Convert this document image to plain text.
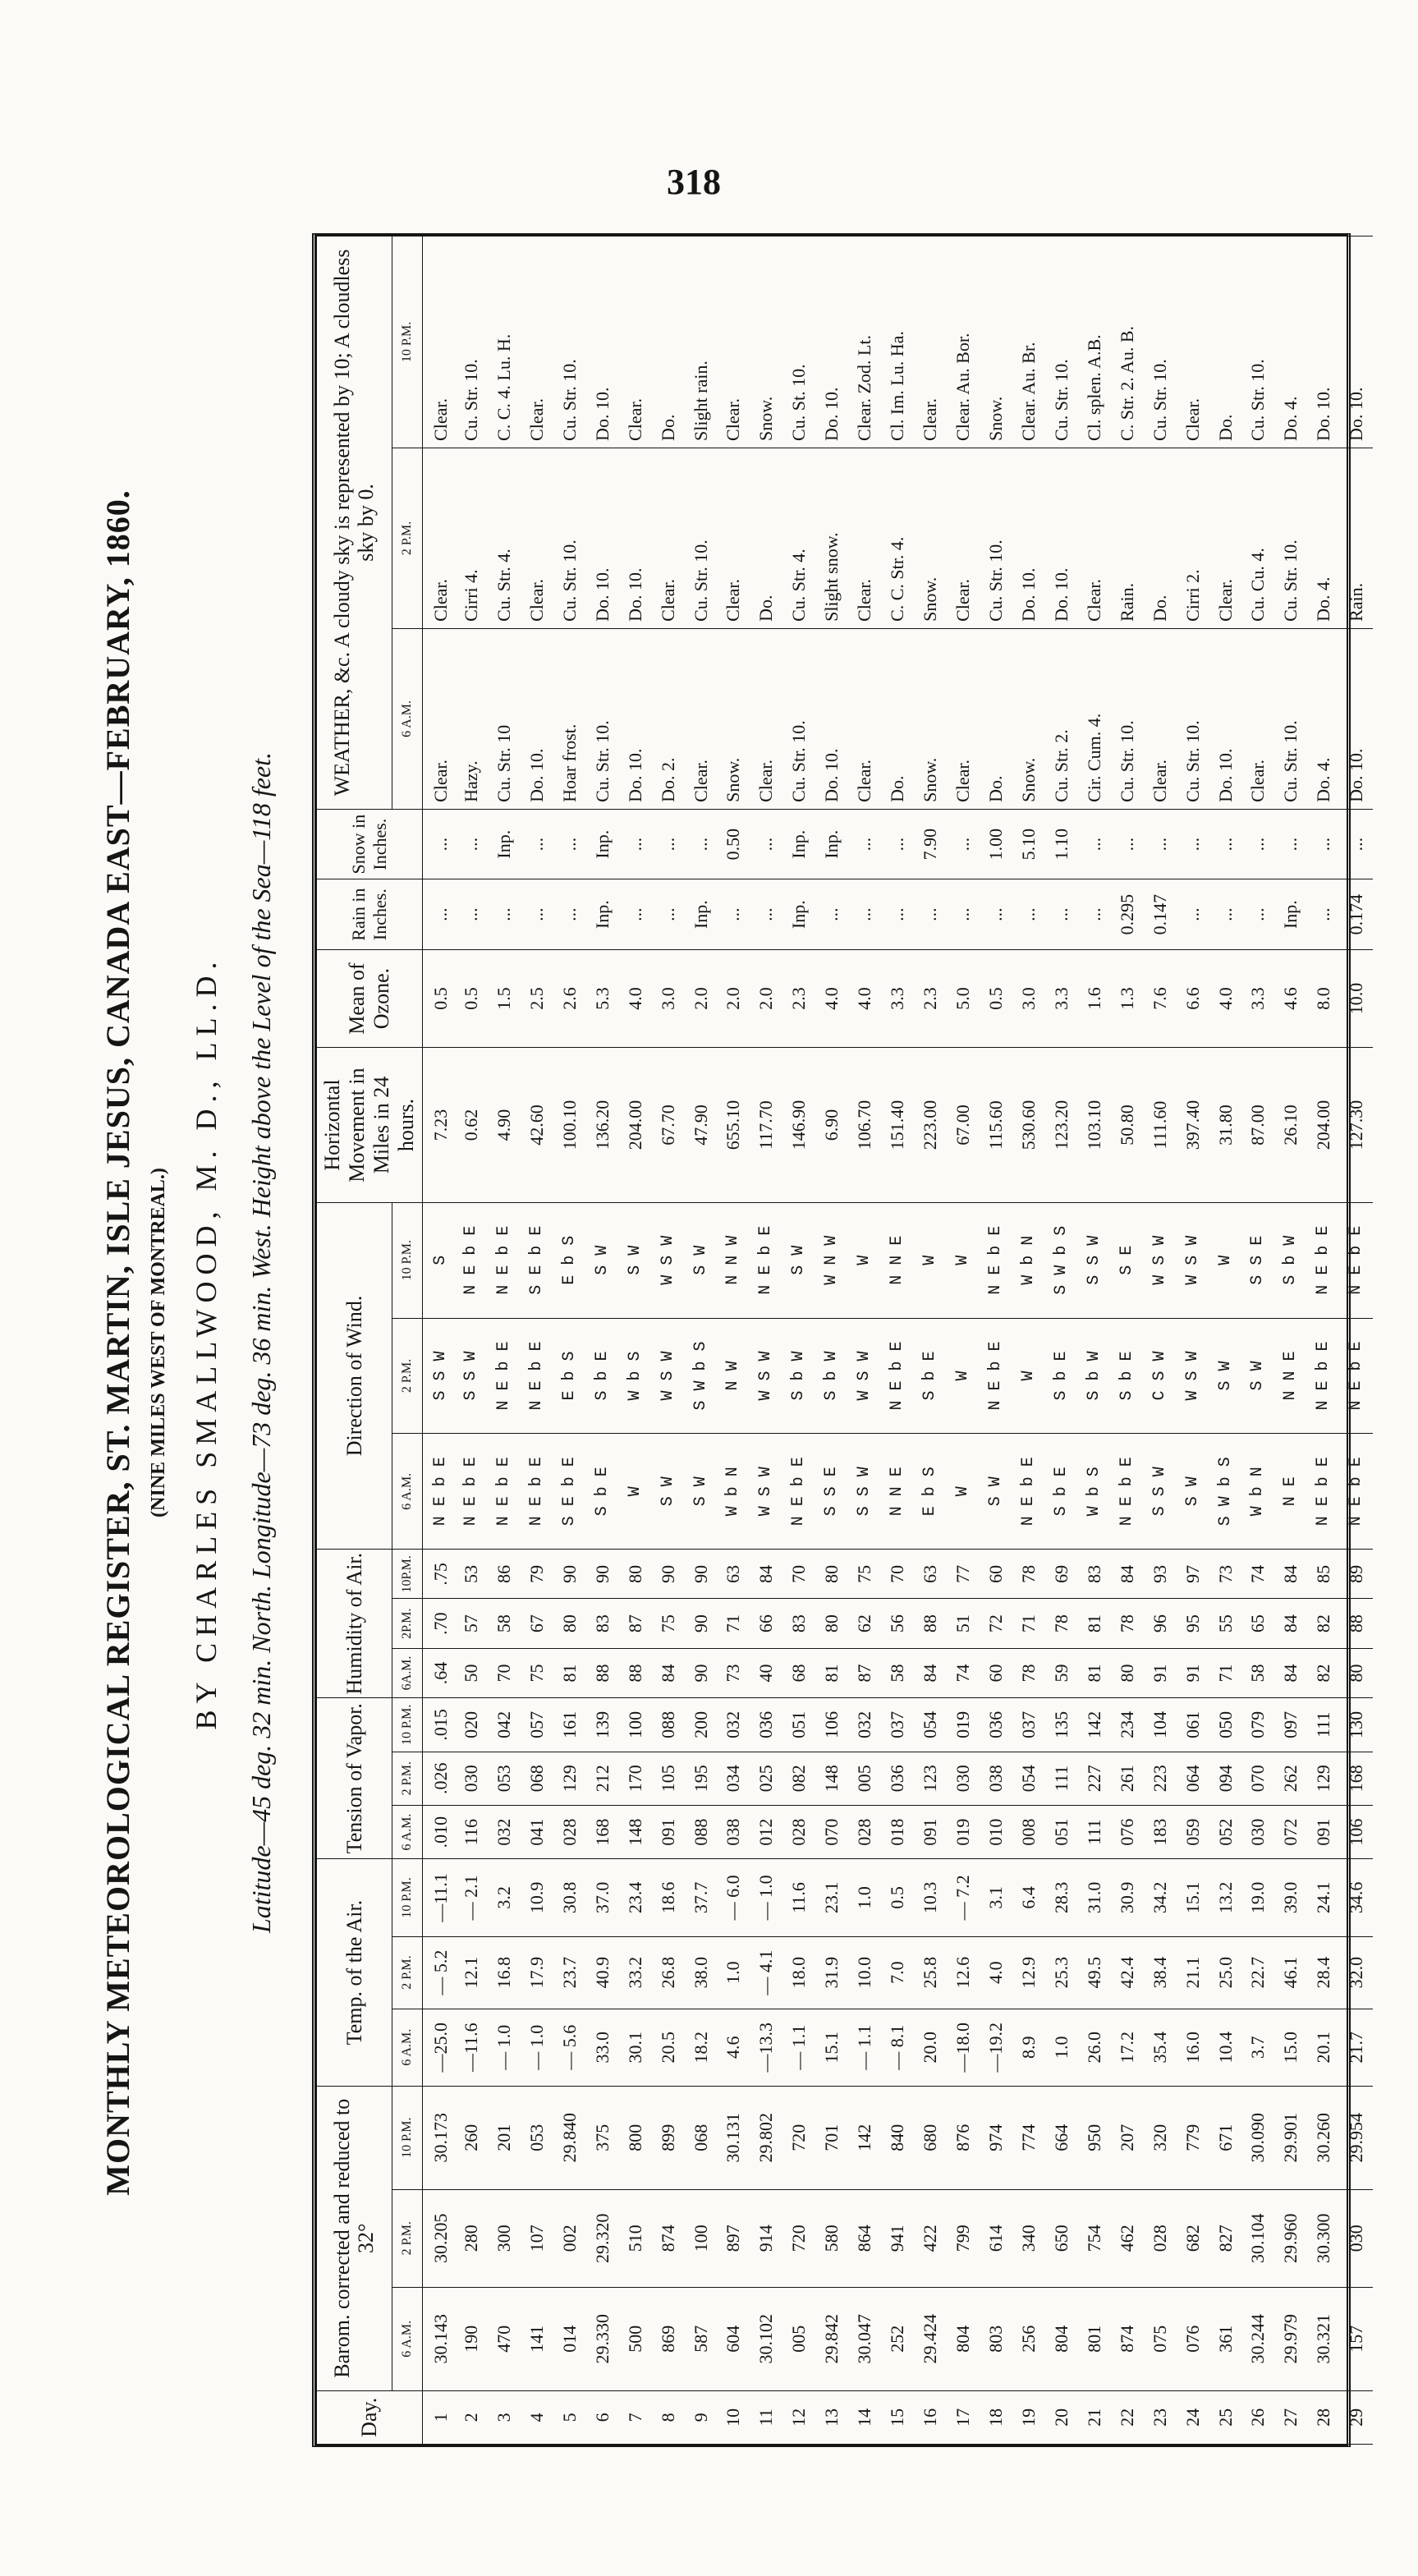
318
MONTHLY METEOROLOGICAL REGISTER, ST. MARTIN, ISLE JESUS, CANADA EAST—FEBRUARY, 1860. (NINE MILES WEST OF MONTREAL.) BY CHARLES SMALLWOOD, M. D., LL.D. Latitude—45 deg. 32 min. North. Longitude—73 deg. 36 min. West. Height above the Level of the Sea—118 feet.
Day.	Barom. corrected and reduced to 32°			Temp. of the Air.			Tension of Vapor.			Humidity of Air.			Direction of Wind.			Horizontal Movement in Miles in 24 hours.	Mean of Ozone.	Rain in Inches.	Snow in Inches.	WEATHER, &c. A cloudy sky is represented by 10; A cloudless sky by 0.		
	6 A.M.	2 P.M.	10 P.M.	6 A.M.	2 P.M.	10 P.M.	6 A.M.	2 P.M.	10 P.M.	6A.M.	2P.M.	10P.M.	6 A.M.	2 P.M.	10 P.M.					6 A.M.	2 P.M.	10 P.M.
1	30.143	30.205	30.173	—25.0	— 5.2	—11.1	.010	.026	.015	.64	.70	.75	N E b E	S S W	S	7.23	0.5	...	...	Clear.	Clear.	Clear.
2	190	280	260	—11.6	12.1	— 2.1	116	030	020	50	57	53	N E b E	S S W	N E b E	0.62	0.5	...	...	Hazy.	Cirri 4.	Cu. Str. 10.
3	470	300	201	— 1.0	16.8	3.2	032	053	042	70	58	86	N E b E	N E b E	N E b E	4.90	1.5	...	Inp.	Cu. Str. 10	Cu. Str. 4.	C. C. 4. Lu. H.
4	141	107	053	— 1.0	17.9	10.9	041	068	057	75	67	79	N E b E	N E b E	S E b E	42.60	2.5	...	...	Do. 10.	Clear.	Clear.
5	014	002	29.840	— 5.6	23.7	30.8	028	129	161	81	80	90	S E b E	E b S	E b S	100.10	2.6	...	...	Hoar frost.	Cu. Str. 10.	Cu. Str. 10.
6	29.330	29.320	375	33.0	40.9	37.0	168	212	139	88	83	90	S b E	S b E	S W	136.20	5.3	Inp.	Inp.	Cu. Str. 10.	Do. 10.	Do. 10.
7	500	510	800	30.1	33.2	23.4	148	170	100	88	87	80	W	W b S	S W	204.00	4.0	...	...	Do. 10.	Do. 10.	Clear.
8	869	874	899	20.5	26.8	18.6	091	105	088	84	75	90	S W	W S W	W S W	67.70	3.0	...	...	Do. 2.	Clear.	Do.
9	587	100	068	18.2	38.0	37.7	088	195	200	90	90	90	S W	S W b S	S W	47.90	2.0	Inp.	...	Clear.	Cu. Str. 10.	Slight rain.
10	604	897	30.131	4.6	1.0	— 6.0	038	034	032	73	71	63	W b N	N W	N N W	655.10	2.0	...	0.50	Snow.	Clear.	Clear.
11	30.102	914	29.802	—13.3	— 4.1	— 1.0	012	025	036	40	66	84	W S W	W S W	N E b E	117.70	2.0	...	...	Clear.	Do.	Snow.
12	005	720	720	— 1.1	18.0	11.6	028	082	051	68	83	70	N E b E	S b W	S W	146.90	2.3	Inp.	Inp.	Cu. Str. 10.	Cu. Str. 4.	Cu. St. 10.
13	29.842	580	701	15.1	31.9	23.1	070	148	106	81	80	80	S S E	S b W	W N W	6.90	4.0	...	Inp.	Do. 10.	Slight snow.	Do. 10.
14	30.047	864	142	— 1.1	10.0	1.0	028	005	032	87	62	75	S S W	W S W	W	106.70	4.0	...	...	Clear.	Clear.	Clear. Zod. Lt.
15	252	941	840	— 8.1	7.0	0.5	018	036	037	58	56	70	N N E	N E b E	N N E	151.40	3.3	...	...	Do.	C. C. Str. 4.	Cl. Im. Lu. Ha.
16	29.424	422	680	20.0	25.8	10.3	091	123	054	84	88	63	E b S	S b E	W	223.00	2.3	...	7.90	Snow.	Snow.	Clear.
17	804	799	876	—18.0	12.6	— 7.2	019	030	019	74	51	77	W	W	W	67.00	5.0	...	...	Clear.	Clear.	Clear. Au. Bor.
18	803	614	974	—19.2	4.0	3.1	010	038	036	60	72	60	S W	N E b E	N E b E	115.60	0.5	...	1.00	Do.	Cu. Str. 10.	Snow.
19	256	340	774	8.9	12.9	6.4	008	054	037	78	71	78	N E b E	W	W b N	530.60	3.0	...	5.10	Snow.	Do. 10.	Clear. Au. Br.
20	804	650	664	1.0	25.3	28.3	051	111	135	59	78	69	S b E	S b E	S W b S	123.20	3.3	...	1.10	Cu. Str. 2.	Do. 10.	Cu. Str. 10.
21	801	754	950	26.0	49.5	31.0	111	227	142	81	81	83	W b S	S b W	S S W	103.10	1.6	...	...	Cir. Cum. 4.	Clear.	Cl. splen. A.B.
22	874	462	207	17.2	42.4	30.9	076	261	234	80	78	84	N E b E	S b E	S E	50.80	1.3	0.295	...	Cu. Str. 10.	Rain.	C. Str. 2. Au. B.
23	075	028	320	35.4	38.4	34.2	183	223	104	91	96	93	S S W	C S W	W S W	111.60	7.6	0.147	...	Clear.	Do.	Cu. Str. 10.
24	076	682	779	16.0	21.1	15.1	059	064	061	91	95	97	S W	W S W	W S W	397.40	6.6	...	...	Cu. Str. 10.	Cirri 2.	Clear.
25	361	827	671	10.4	25.0	13.2	052	094	050	71	55	73	S W b S	S W	W	31.80	4.0	...	...	Do. 10.	Clear.	Do.
26	30.244	30.104	30.090	3.7	22.7	19.0	030	070	079	58	65	74	W b N	S W	S S E	87.00	3.3	...	...	Clear.	Cu. Cu. 4.	Cu. Str. 10.
27	29.979	29.960	29.901	15.0	46.1	39.0	072	262	097	84	84	84	N E	N N E	S b W	26.10	4.6	Inp.	...	Cu. Str. 10.	Cu. Str. 10.	Do. 4.
28	30.321	30.300	30.260	20.1	28.4	24.1	091	129	111	82	82	85	N E b E	N E b E	N E b E	204.00	8.0	...	...	Do. 4.	Do. 4.	Do. 10.
29	157	030	29.954	21.7	32.0	34.6	106	168	130	80	88	89	N E b E	N E b E	N E b E	127.30	10.0	0.174	...	Do. 10.	Rain.	Do. 10.
